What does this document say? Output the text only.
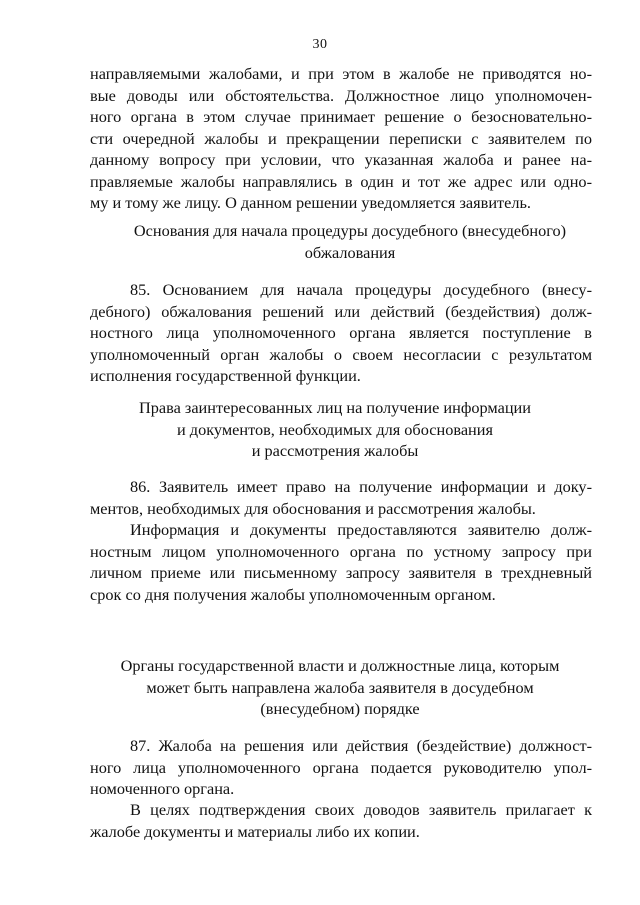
30
направляемыми жалобами, и при этом в жалобе не приводятся но-
вые доводы или обстоятельства. Должностное лицо уполномочен-
ного органа в этом случае принимает решение о безосновательно-
сти очередной жалобы и прекращении переписки с заявителем по
данному вопросу при условии, что указанная жалоба и ранее на-
правляемые жалобы направлялись в один и тот же адрес или одно-
му и тому же лицу. О данном решении уведомляется заявитель.
Основания для начала процедуры досудебного (внесудебного)
обжалования
85. Основанием для начала процедуры досудебного (внесу-
дебного) обжалования решений или действий (бездействия) долж-
ностного лица уполномоченного органа является поступление в
уполномоченный орган жалобы о своем несогласии с результатом
исполнения государственной функции.
Права заинтересованных лиц на получение информации
и документов, необходимых для обоснования
и рассмотрения жалобы
86. Заявитель имеет право на получение информации и доку-
ментов, необходимых для обоснования и рассмотрения жалобы.
Информация и документы предоставляются заявителю долж-
ностным лицом уполномоченного органа по устному запросу при
личном приеме или письменному запросу заявителя в трехдневный
срок со дня получения жалобы уполномоченным органом.
Органы государственной власти и должностные лица, которым
может быть направлена жалоба заявителя в досудебном
(внесудебном) порядке
87. Жалоба на решения или действия (бездействие) должност-
ного лица уполномоченного органа подается руководителю упол-
номоченного органа.
В целях подтверждения своих доводов заявитель прилагает к
жалобе документы и материалы либо их копии.
